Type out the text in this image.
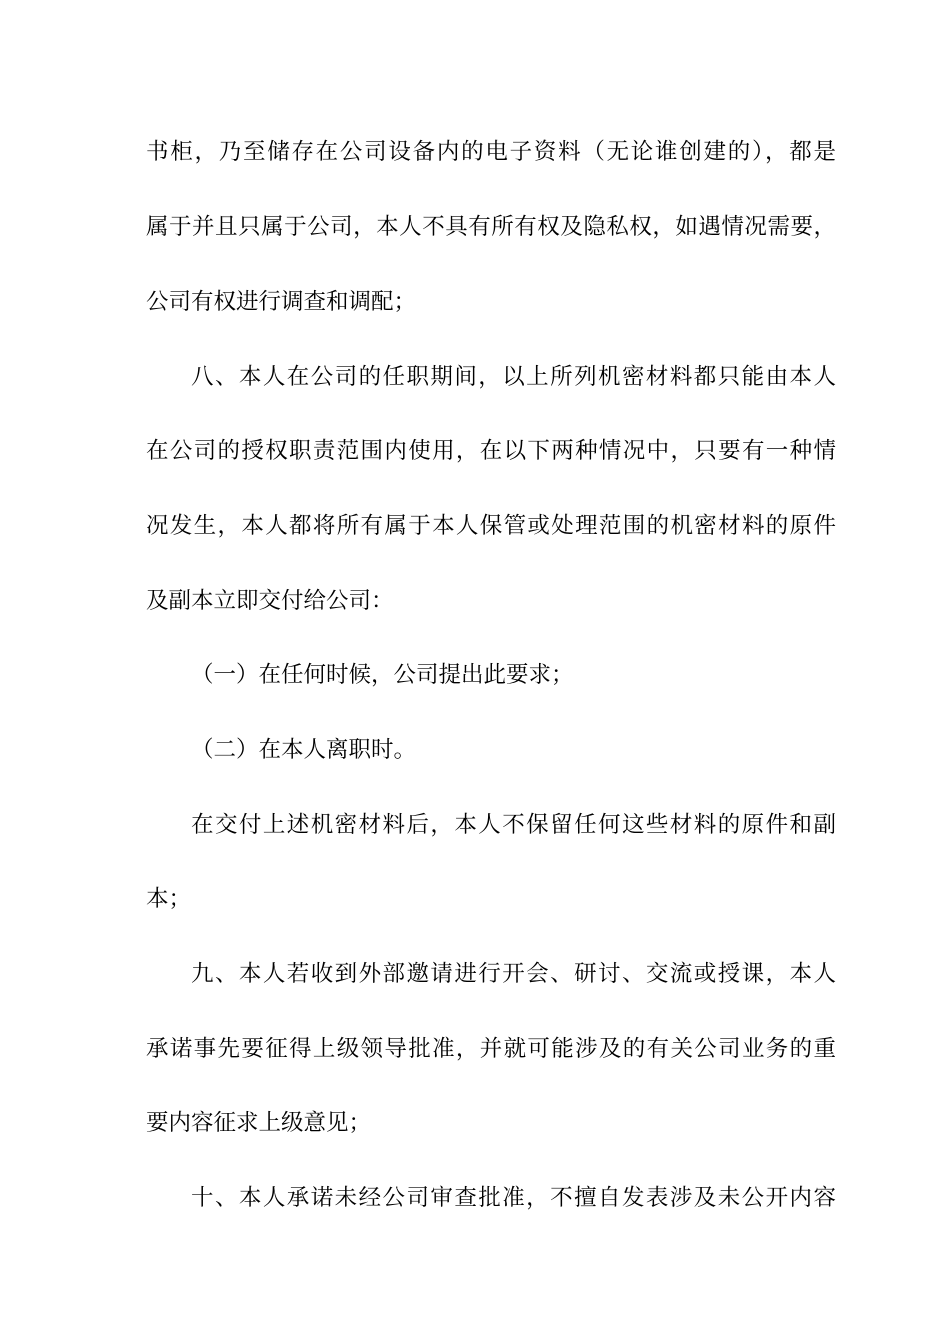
书柜，乃至储存在公司设备内的电子资料（无论谁创建的），都是
属于并且只属于公司，本人不具有所有权及隐私权，如遇情况需要，
公司有权进行调查和调配；
八、本人在公司的任职期间，以上所列机密材料都只能由本人
在公司的授权职责范围内使用，在以下两种情况中，只要有一种情
况发生，本人都将所有属于本人保管或处理范围的机密材料的原件
及副本立即交付给公司：
（一）在任何时候，公司提出此要求；
（二）在本人离职时。
在交付上述机密材料后，本人不保留任何这些材料的原件和副
本；
九、本人若收到外部邀请进行开会、研讨、交流或授课，本人
承诺事先要征得上级领导批准，并就可能涉及的有关公司业务的重
要内容征求上级意见；
十、本人承诺未经公司审查批准，不擅自发表涉及未公开内容
